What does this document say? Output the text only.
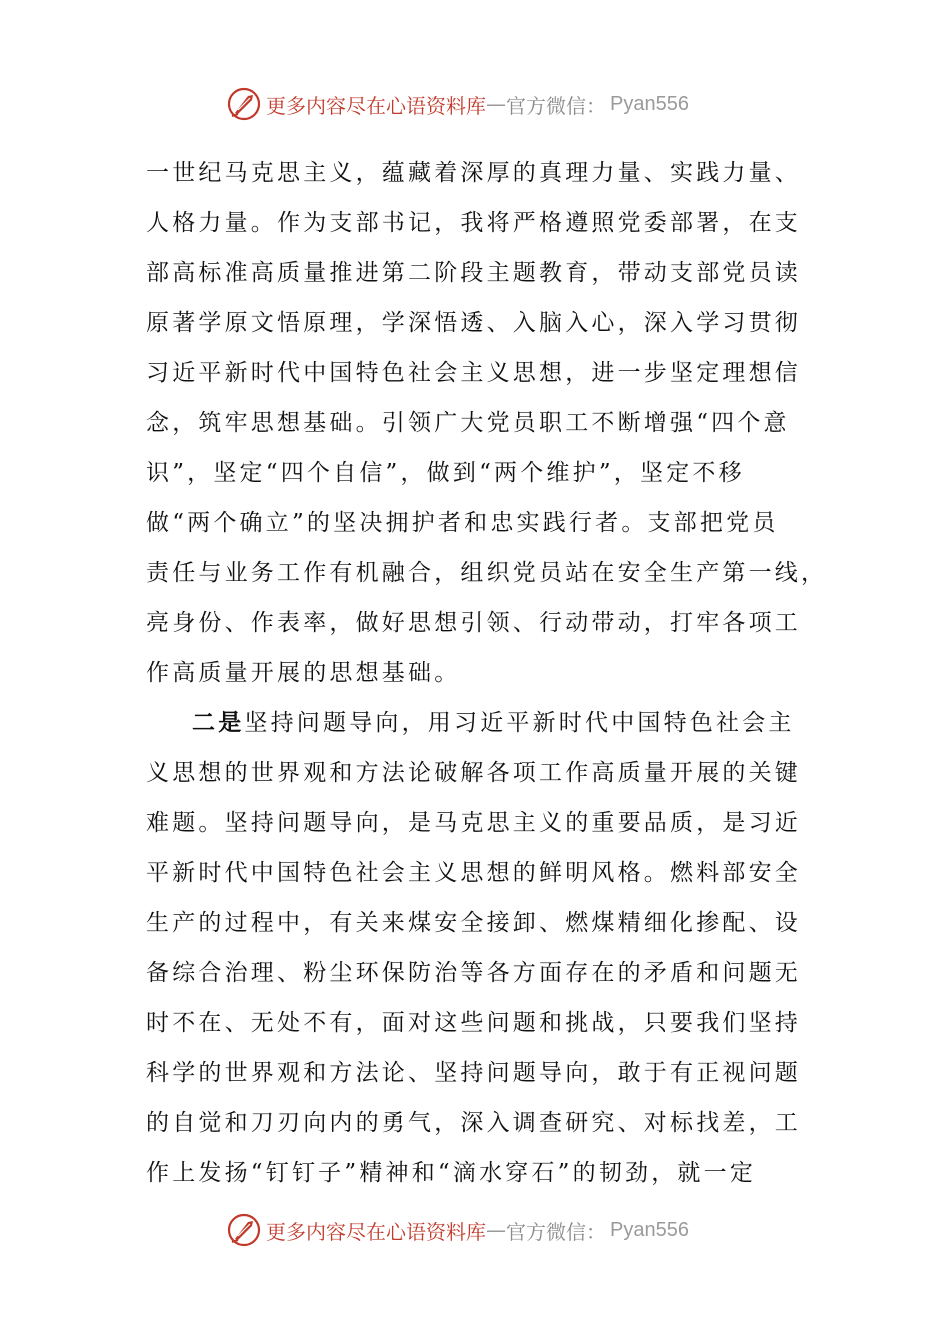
更多内容尽在心语资料库 — 官方微信： Pyan556
一世纪马克思主义，蕴藏着深厚的真理力量、实践力量、
人格力量。作为支部书记，我将严格遵照党委部署，在支
部高标准高质量推进第二阶段主题教育，带动支部党员读
原著学原文悟原理，学深悟透、入脑入心，深入学习贯彻
习近平新时代中国特色社会主义思想，进一步坚定理想信
念，筑牢思想基础。引领广大党员职工不断增强“四个意
识”，坚定“四个自信”，做到“两个维护”，坚定不移
做“两个确立”的坚决拥护者和忠实践行者。支部把党员
责任与业务工作有机融合，组织党员站在安全生产第一线，
亮身份、作表率，做好思想引领、行动带动，打牢各项工
作高质量开展的思想基础。
二是坚持问题导向，用习近平新时代中国特色社会主
义思想的世界观和方法论破解各项工作高质量开展的关键
难题。坚持问题导向，是马克思主义的重要品质，是习近
平新时代中国特色社会主义思想的鲜明风格。燃料部安全
生产的过程中，有关来煤安全接卸、燃煤精细化掺配、设
备综合治理、粉尘环保防治等各方面存在的矛盾和问题无
时不在、无处不有，面对这些问题和挑战，只要我们坚持
科学的世界观和方法论、坚持问题导向，敢于有正视问题
的自觉和刀刃向内的勇气，深入调查研究、对标找差，工
作上发扬“钉钉子”精神和“滴水穿石”的韧劲，就一定
更多内容尽在心语资料库 — 官方微信： Pyan556
